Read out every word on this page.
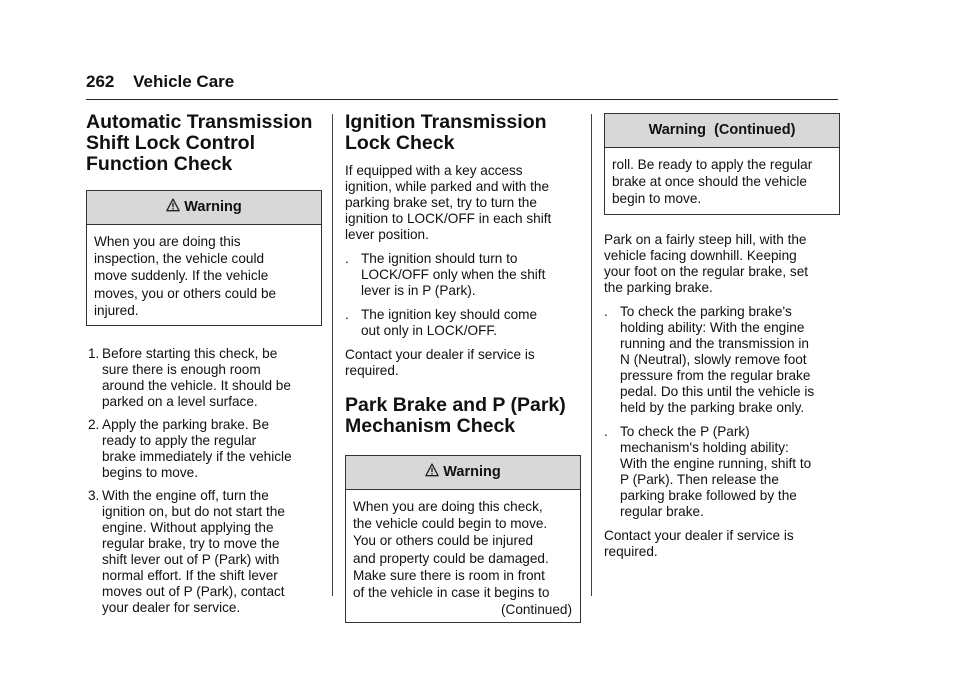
262 Vehicle Care
Automatic Transmission
Shift Lock Control
Function Check
Warning
When you are doing this
inspection, the vehicle could
move suddenly. If the vehicle
moves, you or others could be
injured.
1. Before starting this check, be
sure there is enough room
around the vehicle. It should be
parked on a level surface.
2. Apply the parking brake. Be
ready to apply the regular
brake immediately if the vehicle
begins to move.
3. With the engine off, turn the
ignition on, but do not start the
engine. Without applying the
regular brake, try to move the
shift lever out of P (Park) with
normal effort. If the shift lever
moves out of P (Park), contact
your dealer for service.
Ignition Transmission
Lock Check

If equipped with a key access
ignition, while parked and with the
parking brake set, try to turn the
ignition to LOCK/OFF in each shift
lever position.

. The ignition should turn to
LOCK/OFF only when the shift
lever is in P (Park).
. The ignition key should come
out only in LOCK/OFF.

Contact your dealer if service is
required.

Park Brake and P (Park)
Mechanism Check
Warning
When you are doing this check,
the vehicle could begin to move.
You or others could be injured
and property could be damaged.
Make sure there is room in front
of the vehicle in case it begins to
(Continued)
Warning  (Continued)
roll. Be ready to apply the regular
brake at once should the vehicle
begin to move.

Park on a fairly steep hill, with the
vehicle facing downhill. Keeping
your foot on the regular brake, set
the parking brake.

. To check the parking brake's
holding ability: With the engine
running and the transmission in
N (Neutral), slowly remove foot
pressure from the regular brake
pedal. Do this until the vehicle is
held by the parking brake only.
. To check the P (Park)
mechanism's holding ability:
With the engine running, shift to
P (Park). Then release the
parking brake followed by the
regular brake.

Contact your dealer if service is
required.
